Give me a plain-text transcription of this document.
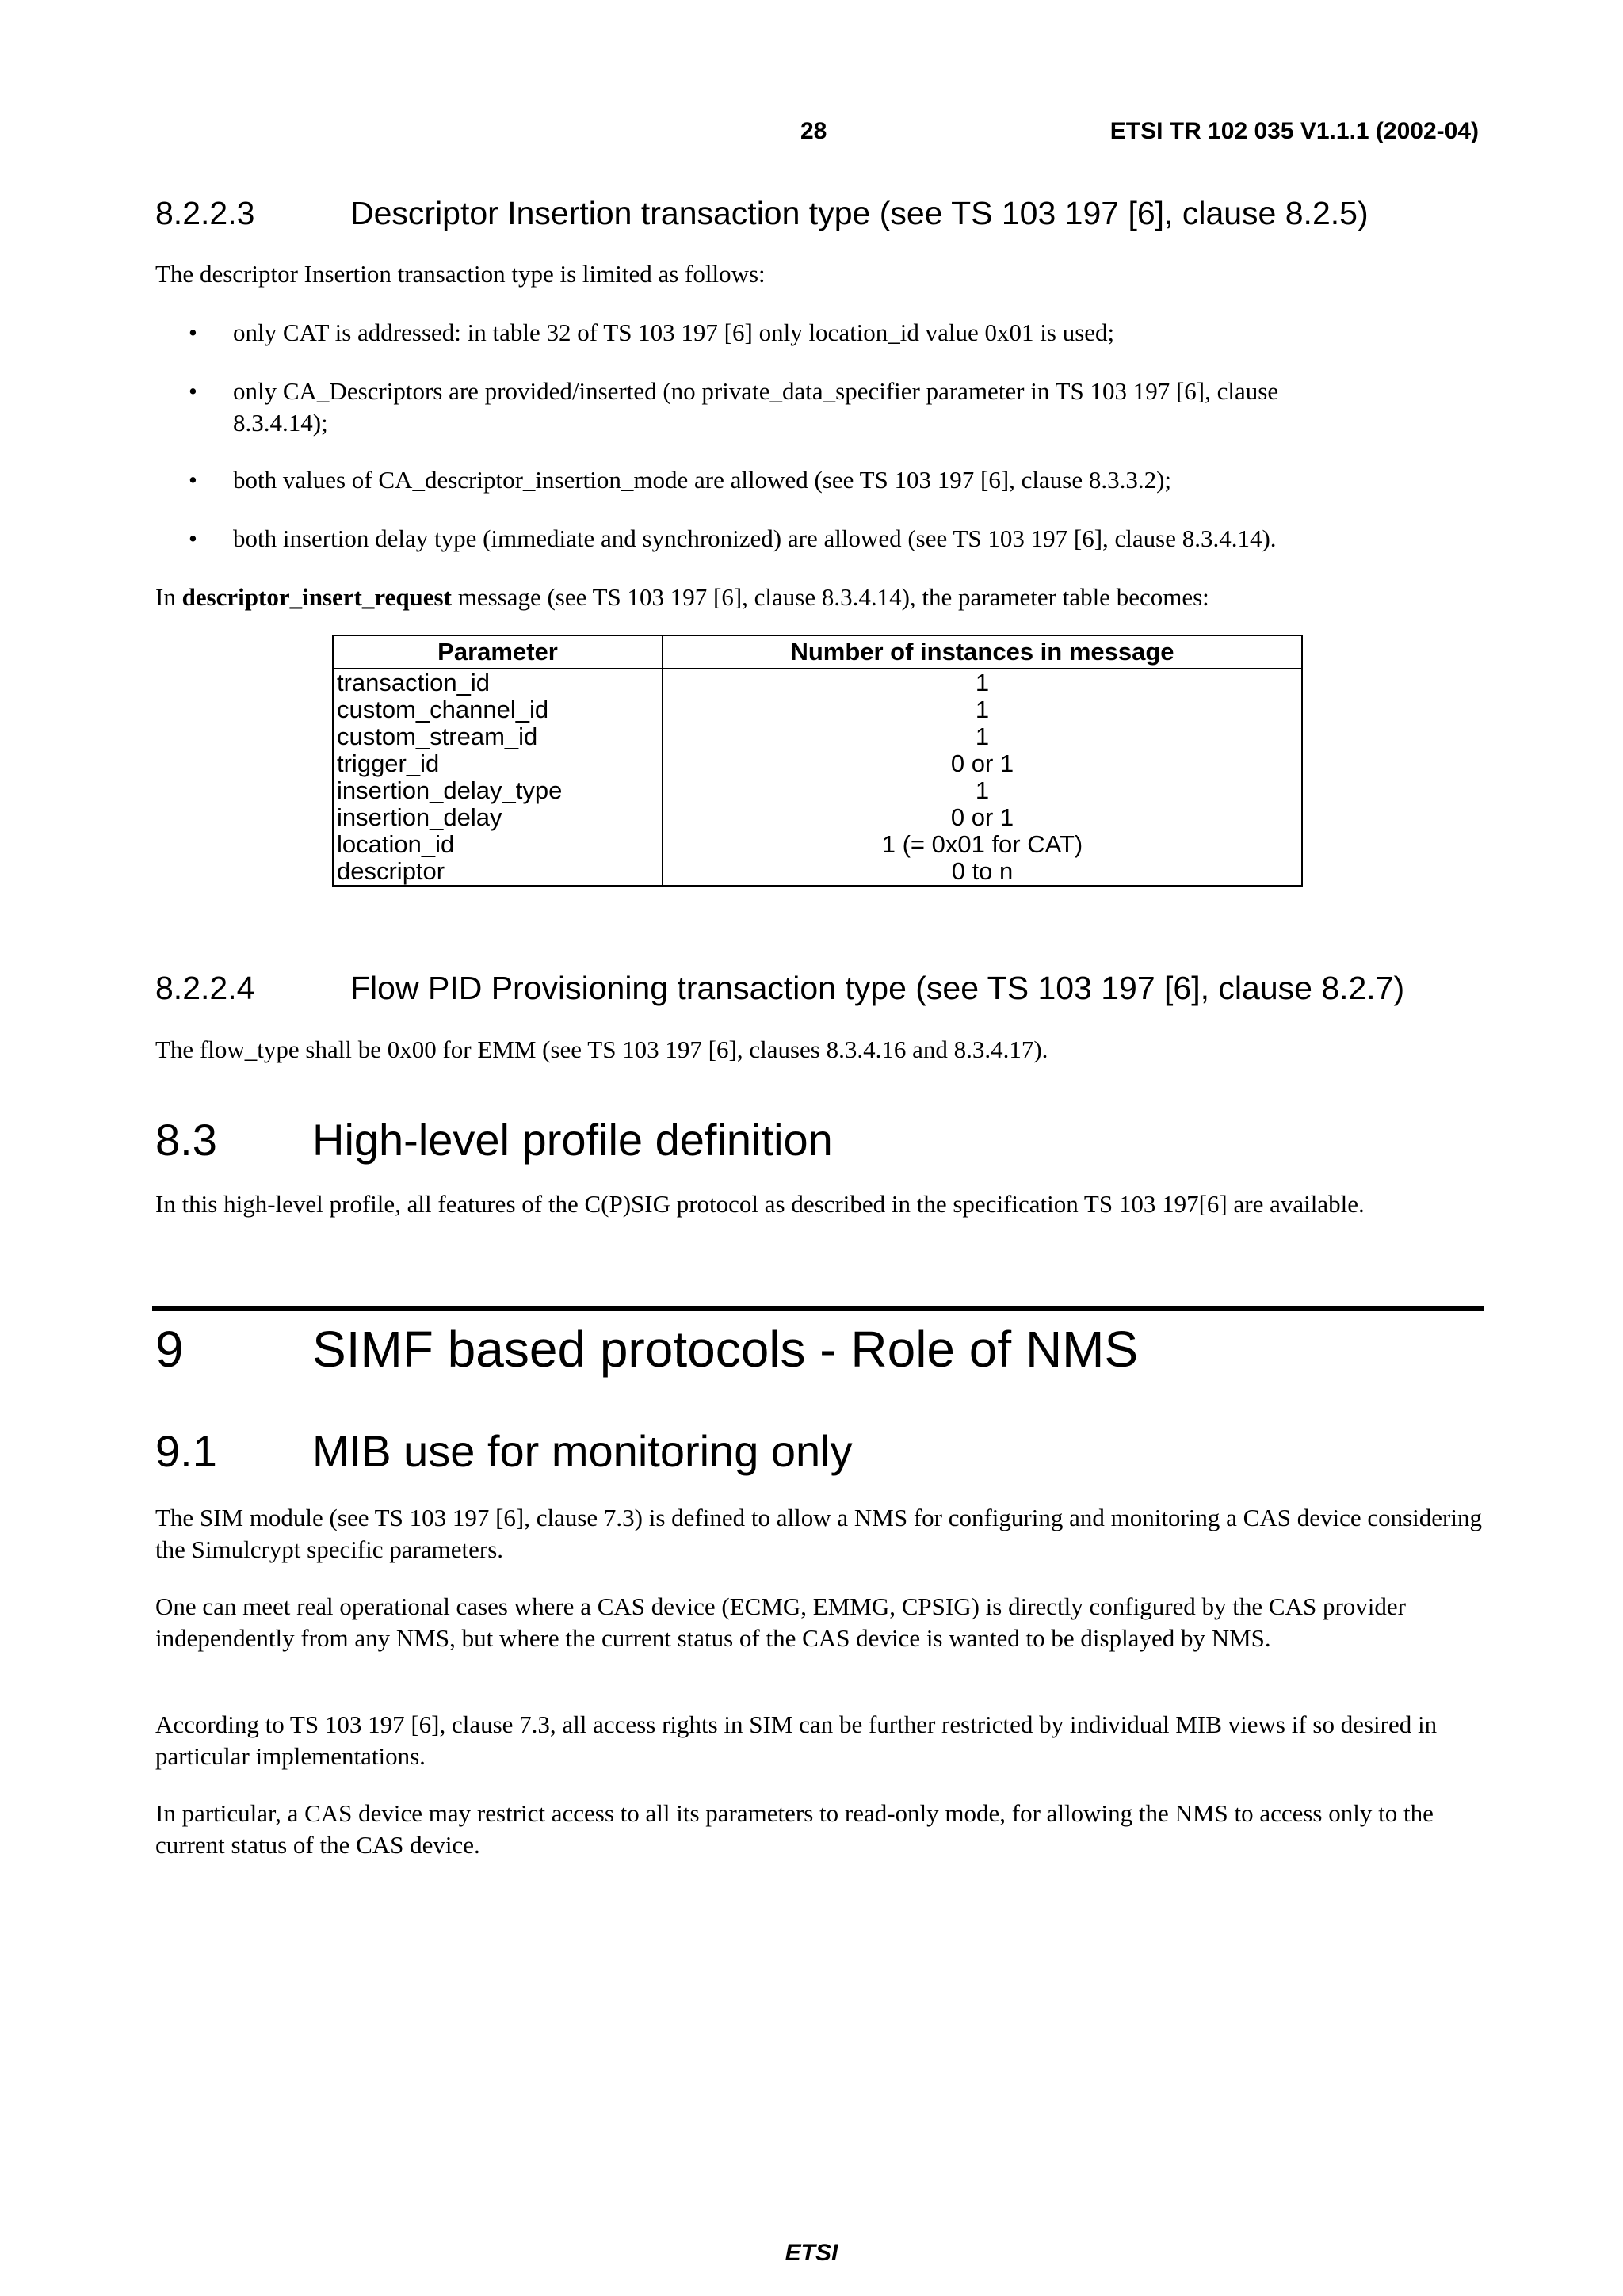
28	ETSI TR 102 035 V1.1.1 (2002-04)
8.2.2.3	Descriptor Insertion transaction type (see TS 103 197 [6], clause 8.2.5)

The descriptor Insertion transaction type is limited as follows:

• only CAT is addressed: in table 32 of TS 103 197 [6] only location_id value 0x01 is used;

• only CA_Descriptors are provided/inserted (no private_data_specifier parameter in TS 103 197 [6], clause 8.3.4.14);

• both values of CA_descriptor_insertion_mode are allowed (see TS 103 197 [6], clause 8.3.3.2);

• both insertion delay type (immediate and synchronized) are allowed (see TS 103 197 [6], clause 8.3.4.14).

In descriptor_insert_request message (see TS 103 197 [6], clause 8.3.4.14), the parameter table becomes:

Parameter	Number of instances in message
transaction_id	1
custom_channel_id	1
custom_stream_id	1
trigger_id	0 or 1
insertion_delay_type	1
insertion_delay	0 or 1
location_id	1 (= 0x01 for CAT)
descriptor	0 to n
8.2.2.4	Flow PID Provisioning transaction type (see TS 103 197 [6], clause 8.2.7)

The flow_type shall be 0x00 for EMM (see TS 103 197 [6], clauses 8.3.4.16 and 8.3.4.17).

8.3 High-level profile definition

In this high-level profile, all features of the C(P)SIG protocol as described in the specification TS 103 197[6] are available.

9	SIMF based protocols - Role of NMS
9.1 MIB use for monitoring only

The SIM module (see TS 103 197 [6], clause 7.3) is defined to allow a NMS for configuring and monitoring a CAS device considering the Simulcrypt specific parameters.

One can meet real operational cases where a CAS device (ECMG, EMMG, CPSIG) is directly configured by the CAS provider independently from any NMS, but where the current status of the CAS device is wanted to be displayed by NMS.

According to TS 103 197 [6], clause 7.3, all access rights in SIM can be further restricted by individual MIB views if so desired in particular implementations.

In particular, a CAS device may restrict access to all its parameters to read-only mode, for allowing the NMS to access only to the current status of the CAS device.

ETSI
